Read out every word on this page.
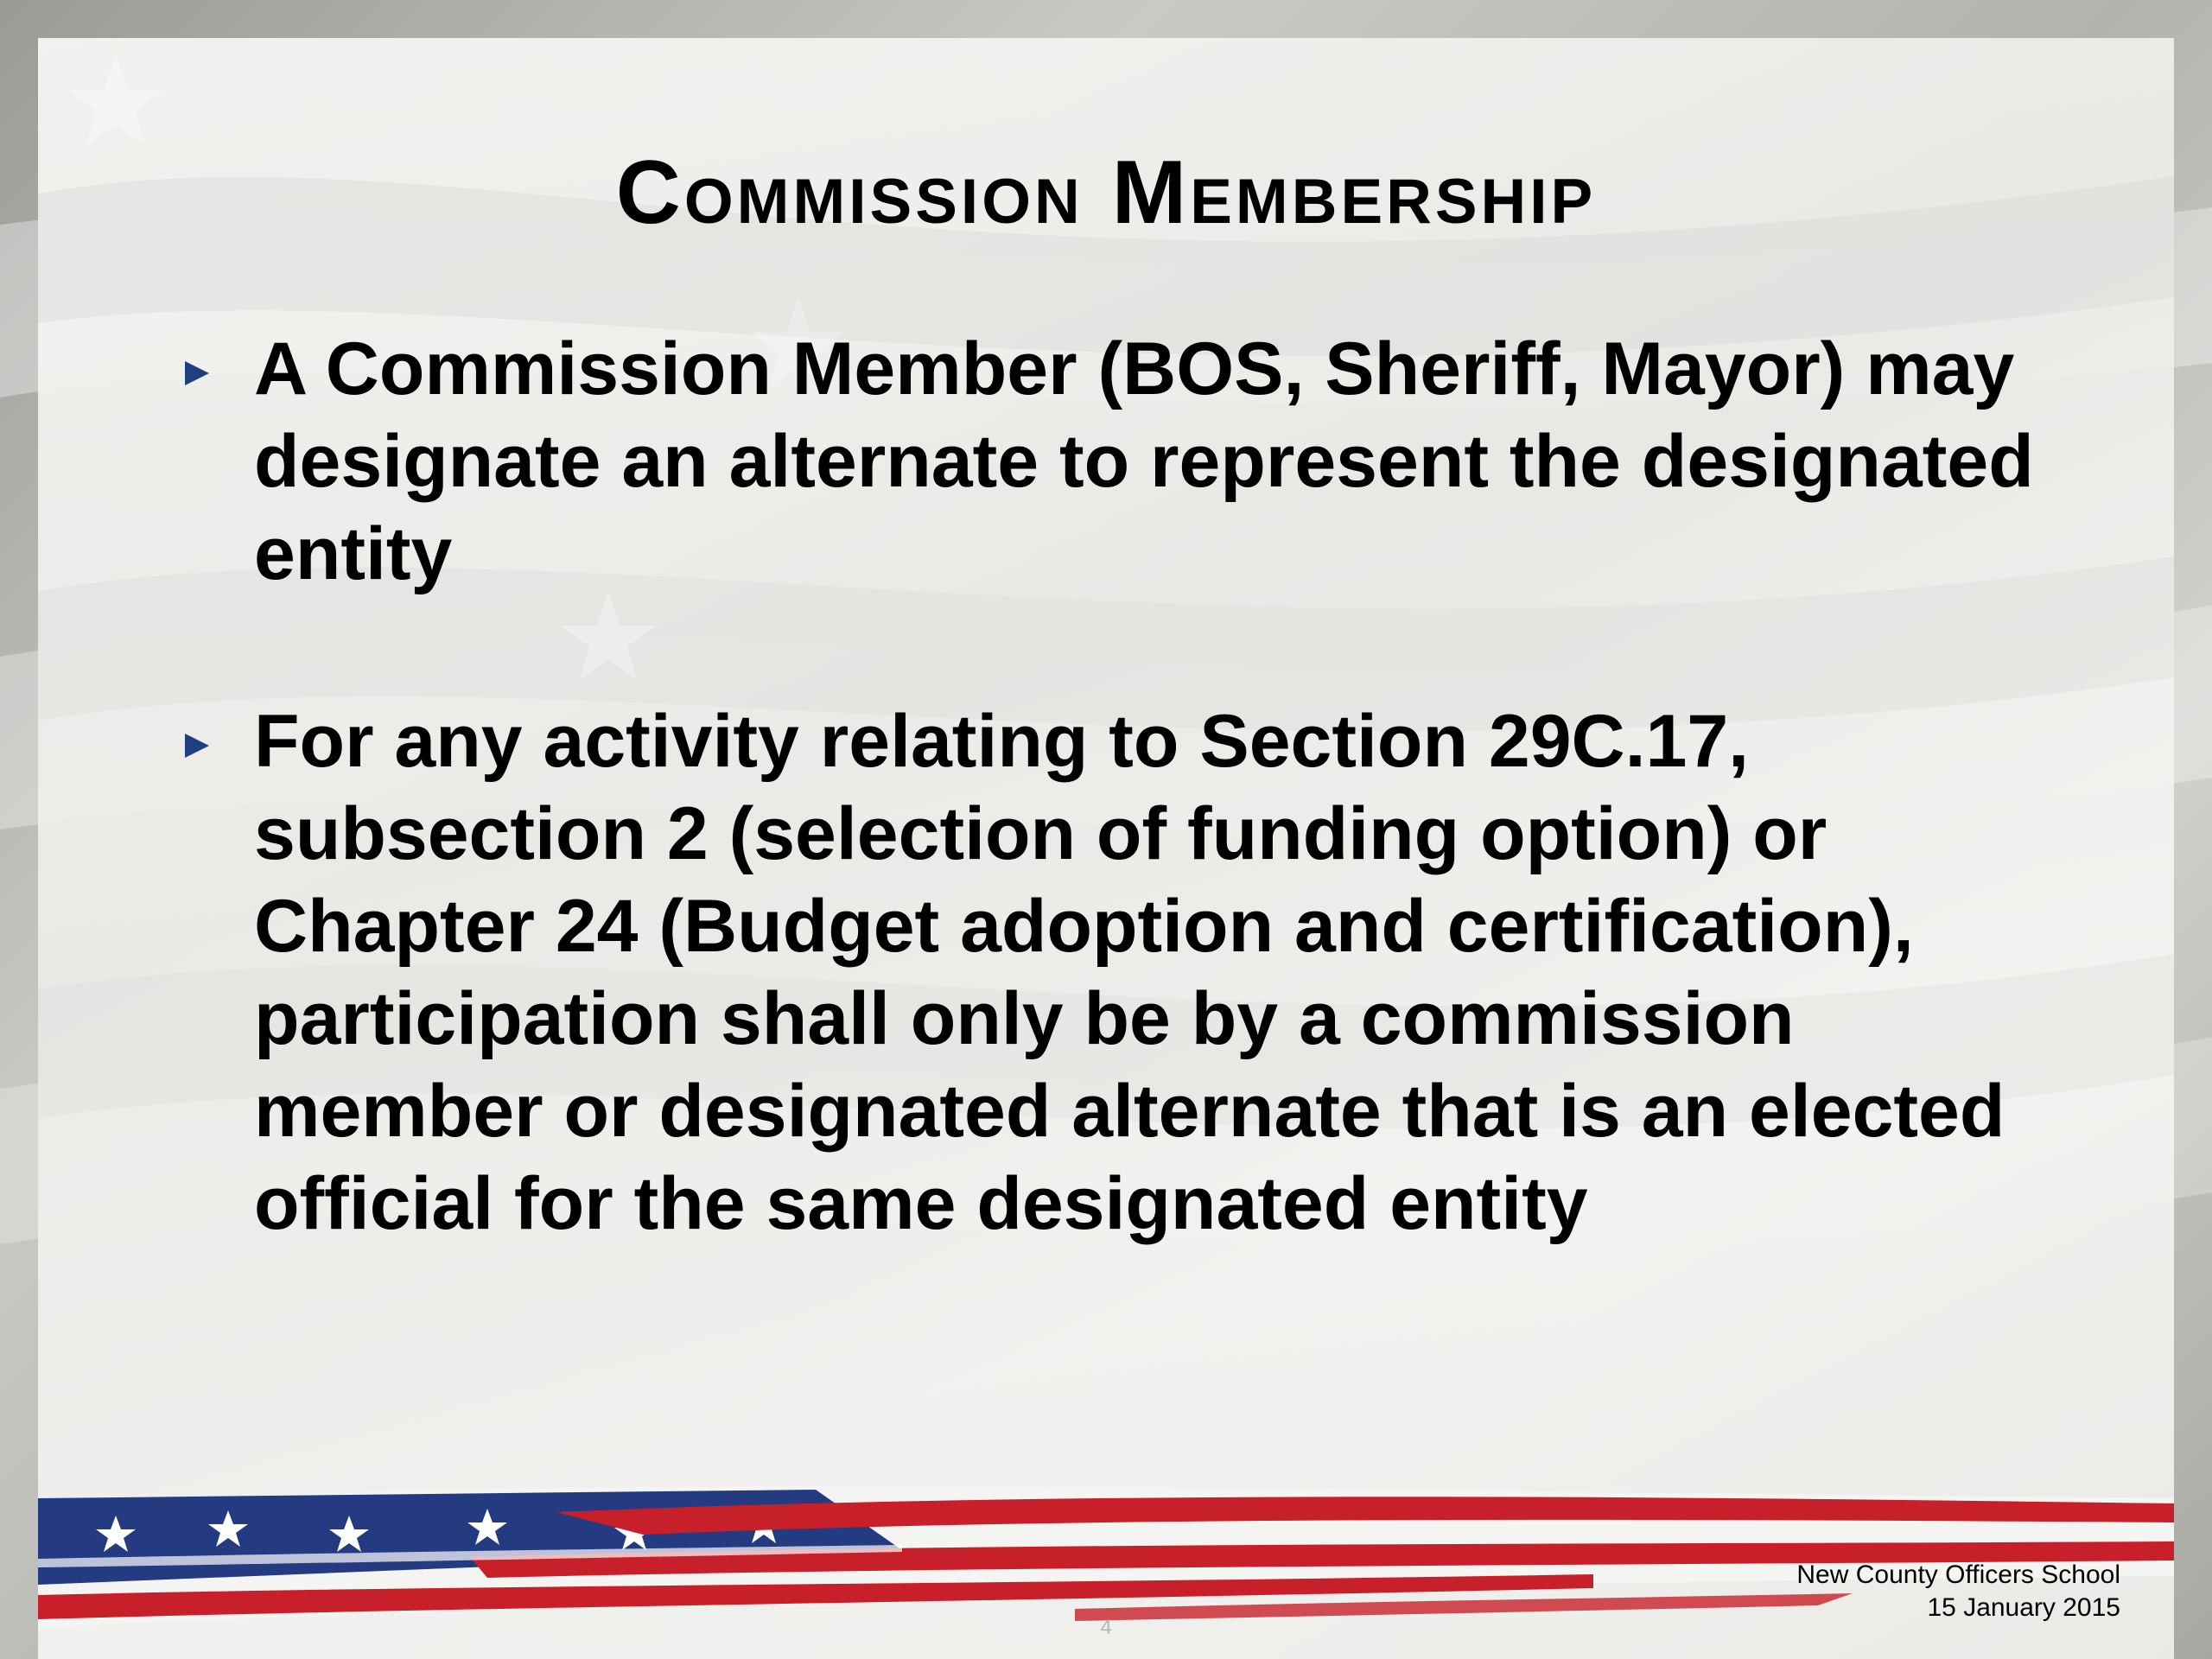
Commission Membership
A Commission Member (BOS, Sheriff, Mayor) may designate an alternate to represent the designated entity
For any activity relating to Section 29C.17, subsection 2 (selection of funding option) or Chapter 24 (Budget adoption and certification), participation shall only be by a commission member or designated alternate that is an elected official for the same designated entity
New County Officers School
15 January 2015
4
